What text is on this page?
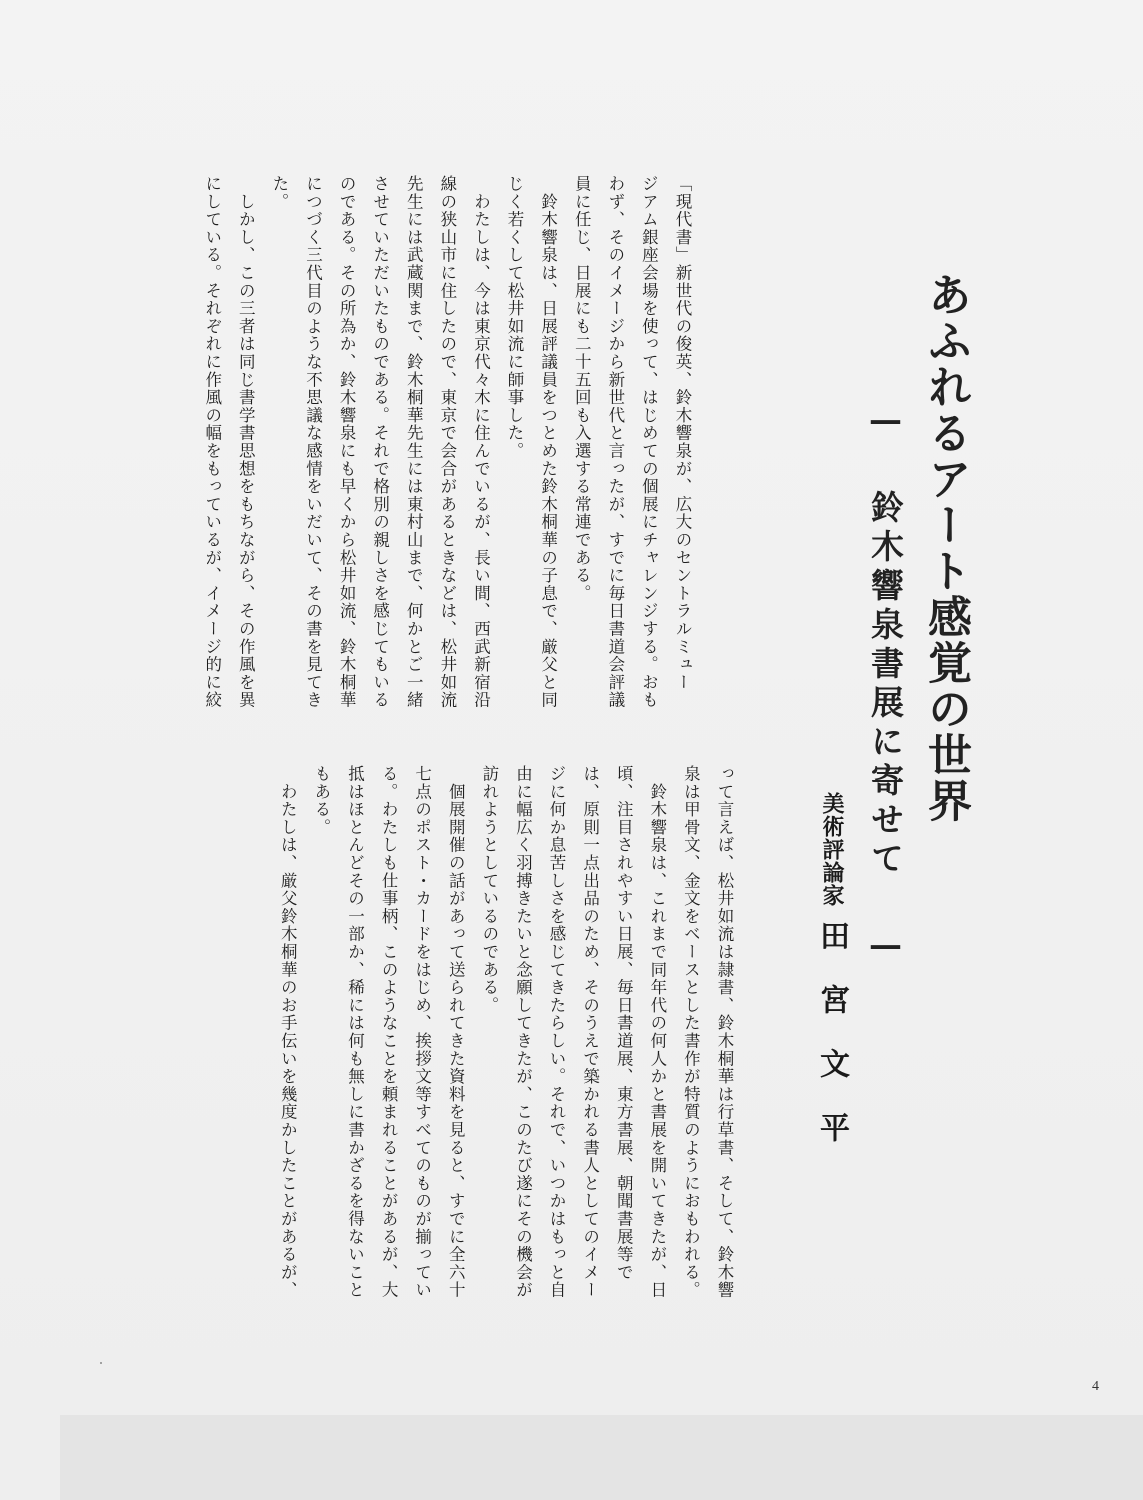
あふれるアート感覚の世界
— 鈴木響泉書展に寄せて —
美術評論家
田宮文平

「現代書」新世代の俊英、鈴木響泉が、広大のセントラルミュー

ジアム銀座会場を使って、はじめての個展にチャレンジする。おも

わず、そのイメージから新世代と言ったが、すでに毎日書道会評議

員に任じ、日展にも二十五回も入選する常連である。

　鈴木響泉は、日展評議員をつとめた鈴木桐華の子息で、厳父と同

じく若くして松井如流に師事した。

　わたしは、今は東京代々木に住んでいるが、長い間、西武新宿沿

線の狭山市に住したので、東京で会合があるときなどは、松井如流

先生には武蔵関まで、鈴木桐華先生には東村山まで、何かとご一緒

させていただいたものである。それで格別の親しさを感じてもいる

のである。その所為か、鈴木響泉にも早くから松井如流、鈴木桐華

につづく三代目のような不思議な感情をいだいて、その書を見てき

た。

　しかし、この三者は同じ書学書思想をもちながら、その作風を異

にしている。それぞれに作風の幅をもっているが、イメージ的に絞

って言えば、松井如流は隷書、鈴木桐華は行草書、そして、鈴木響

泉は甲骨文、金文をベースとした書作が特質のようにおもわれる。

　鈴木響泉は、これまで同年代の何人かと書展を開いてきたが、日

頃、注目されやすい日展、毎日書道展、東方書展、朝聞書展等で

は、原則一点出品のため、そのうえで築かれる書人としてのイメー

ジに何か息苦しさを感じてきたらしい。それで、いつかはもっと自

由に幅広く羽搏きたいと念願してきたが、このたび遂にその機会が

訪れようとしているのである。

　個展開催の話があって送られてきた資料を見ると、すでに全六十

七点のポスト・カードをはじめ、挨拶文等すべてのものが揃ってい

る。わたしも仕事柄、このようなことを頼まれることがあるが、大

抵はほとんどその一部か、稀には何も無しに書かざるを得ないこと

もある。

　わたしは、厳父鈴木桐華のお手伝いを幾度かしたことがあるが、

4
